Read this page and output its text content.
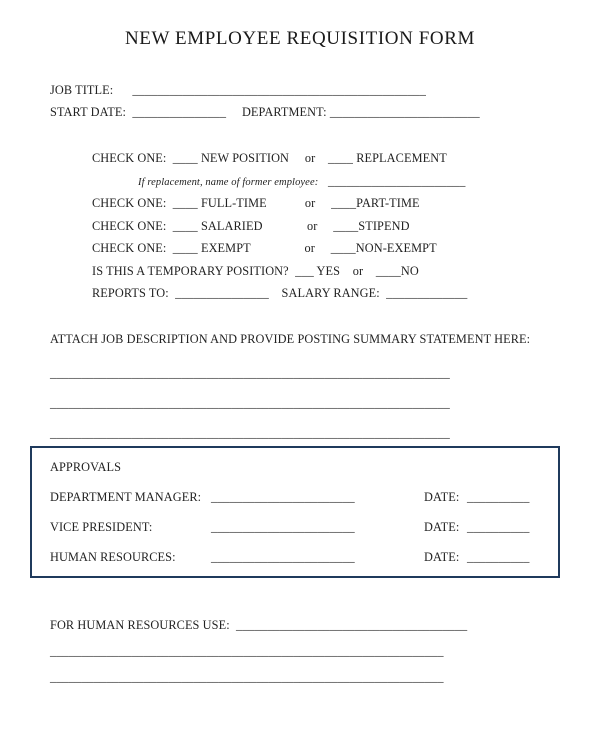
NEW EMPLOYEE REQUISITION FORM
JOB TITLE:      _______________________________________________
START DATE:  _______________     DEPARTMENT: ________________________
CHECK ONE:  ____ NEW POSITION     or    ____ REPLACEMENT
If replacement, name of former employee: ______________________
CHECK ONE:  ____ FULL-TIME            or     ____PART-TIME
CHECK ONE:  ____ SALARIED              or     ____STIPEND
CHECK ONE:  ____ EXEMPT                 or     ____NON-EXEMPT
IS THIS A TEMPORARY POSITION?  ___ YES    or    ____NO
REPORTS TO:  _______________    SALARY RANGE:  _____________
ATTACH JOB DESCRIPTION AND PROVIDE POSTING SUMMARY STATEMENT HERE:
________________________________________________________________
________________________________________________________________
________________________________________________________________
APPROVALS
DEPARTMENT MANAGER: _______________________	DATE: __________
VICE PRESIDENT:	_______________________	DATE: __________
HUMAN RESOURCES:	_______________________	DATE: __________
FOR HUMAN RESOURCES USE:  _____________________________________
_______________________________________________________________
_______________________________________________________________
